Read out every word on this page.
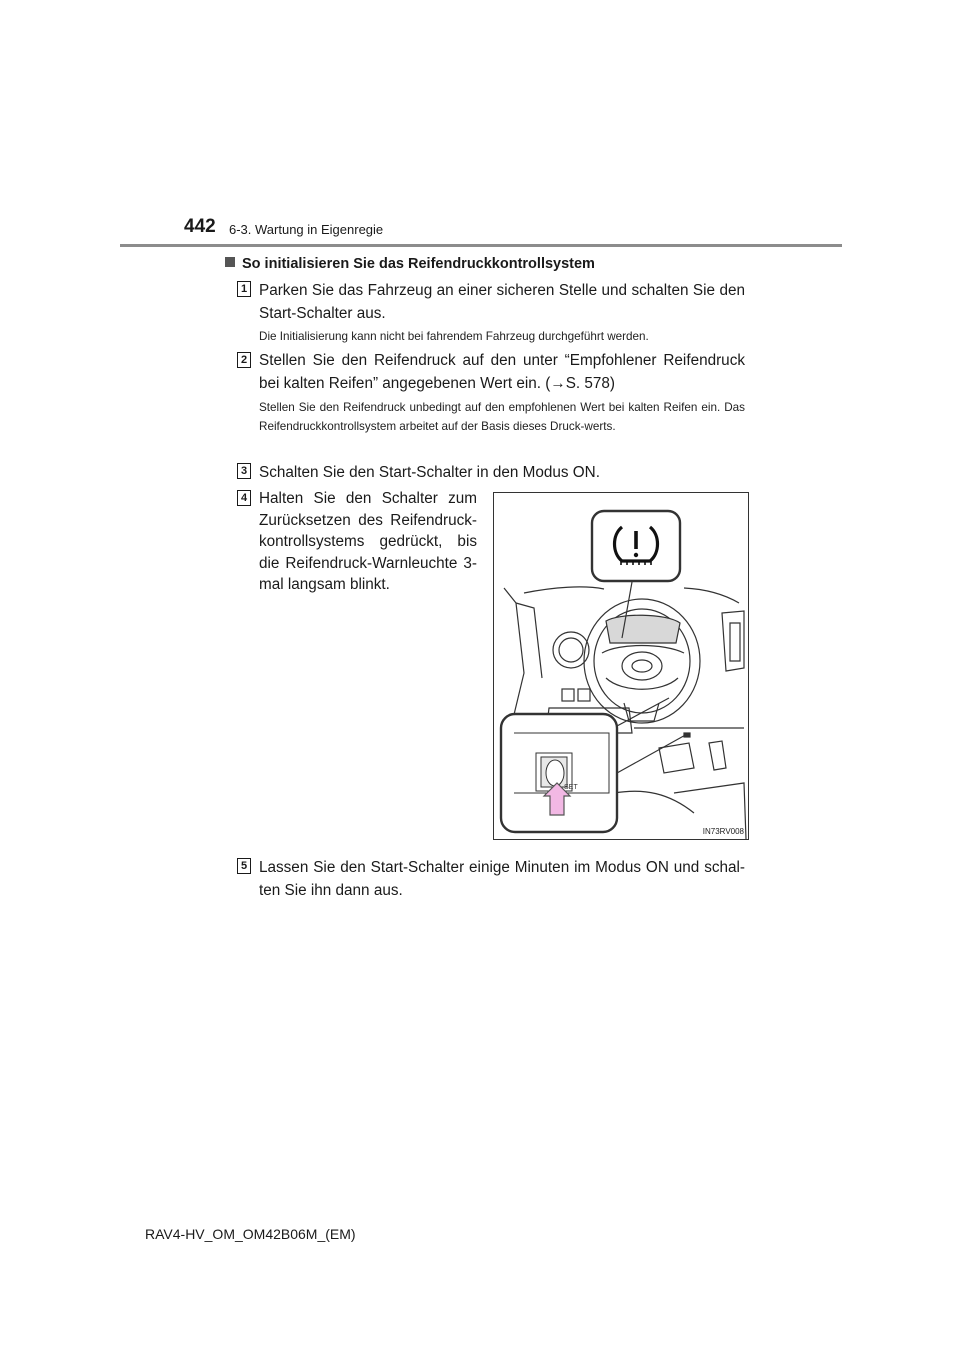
442 6-3. Wartung in Eigenregie
So initialisieren Sie das Reifendruckkontrollsystem
1 Parken Sie das Fahrzeug an einer sicheren Stelle und schalten Sie den Start-Schalter aus.
Die Initialisierung kann nicht bei fahrendem Fahrzeug durchgeführt werden.
2 Stellen Sie den Reifendruck auf den unter “Empfohlener Reifendruck bei kalten Reifen” angegebenen Wert ein. (→S. 578)
Stellen Sie den Reifendruck unbedingt auf den empfohlenen Wert bei kalten Reifen ein. Das Reifendruckkontrollsystem arbeitet auf der Basis dieses Druck-werts.
3 Schalten Sie den Start-Schalter in den Modus ON.
4 Halten Sie den Schalter zum Zurücksetzen des Reifendruck-kontrollsystems gedrückt, bis die Reifendruck-Warnleuchte 3-mal langsam blinkt.
SET
IN73RV008
5 Lassen Sie den Start-Schalter einige Minuten im Modus ON und schal-ten Sie ihn dann aus.
RAV4-HV_OM_OM42B06M_(EM)
